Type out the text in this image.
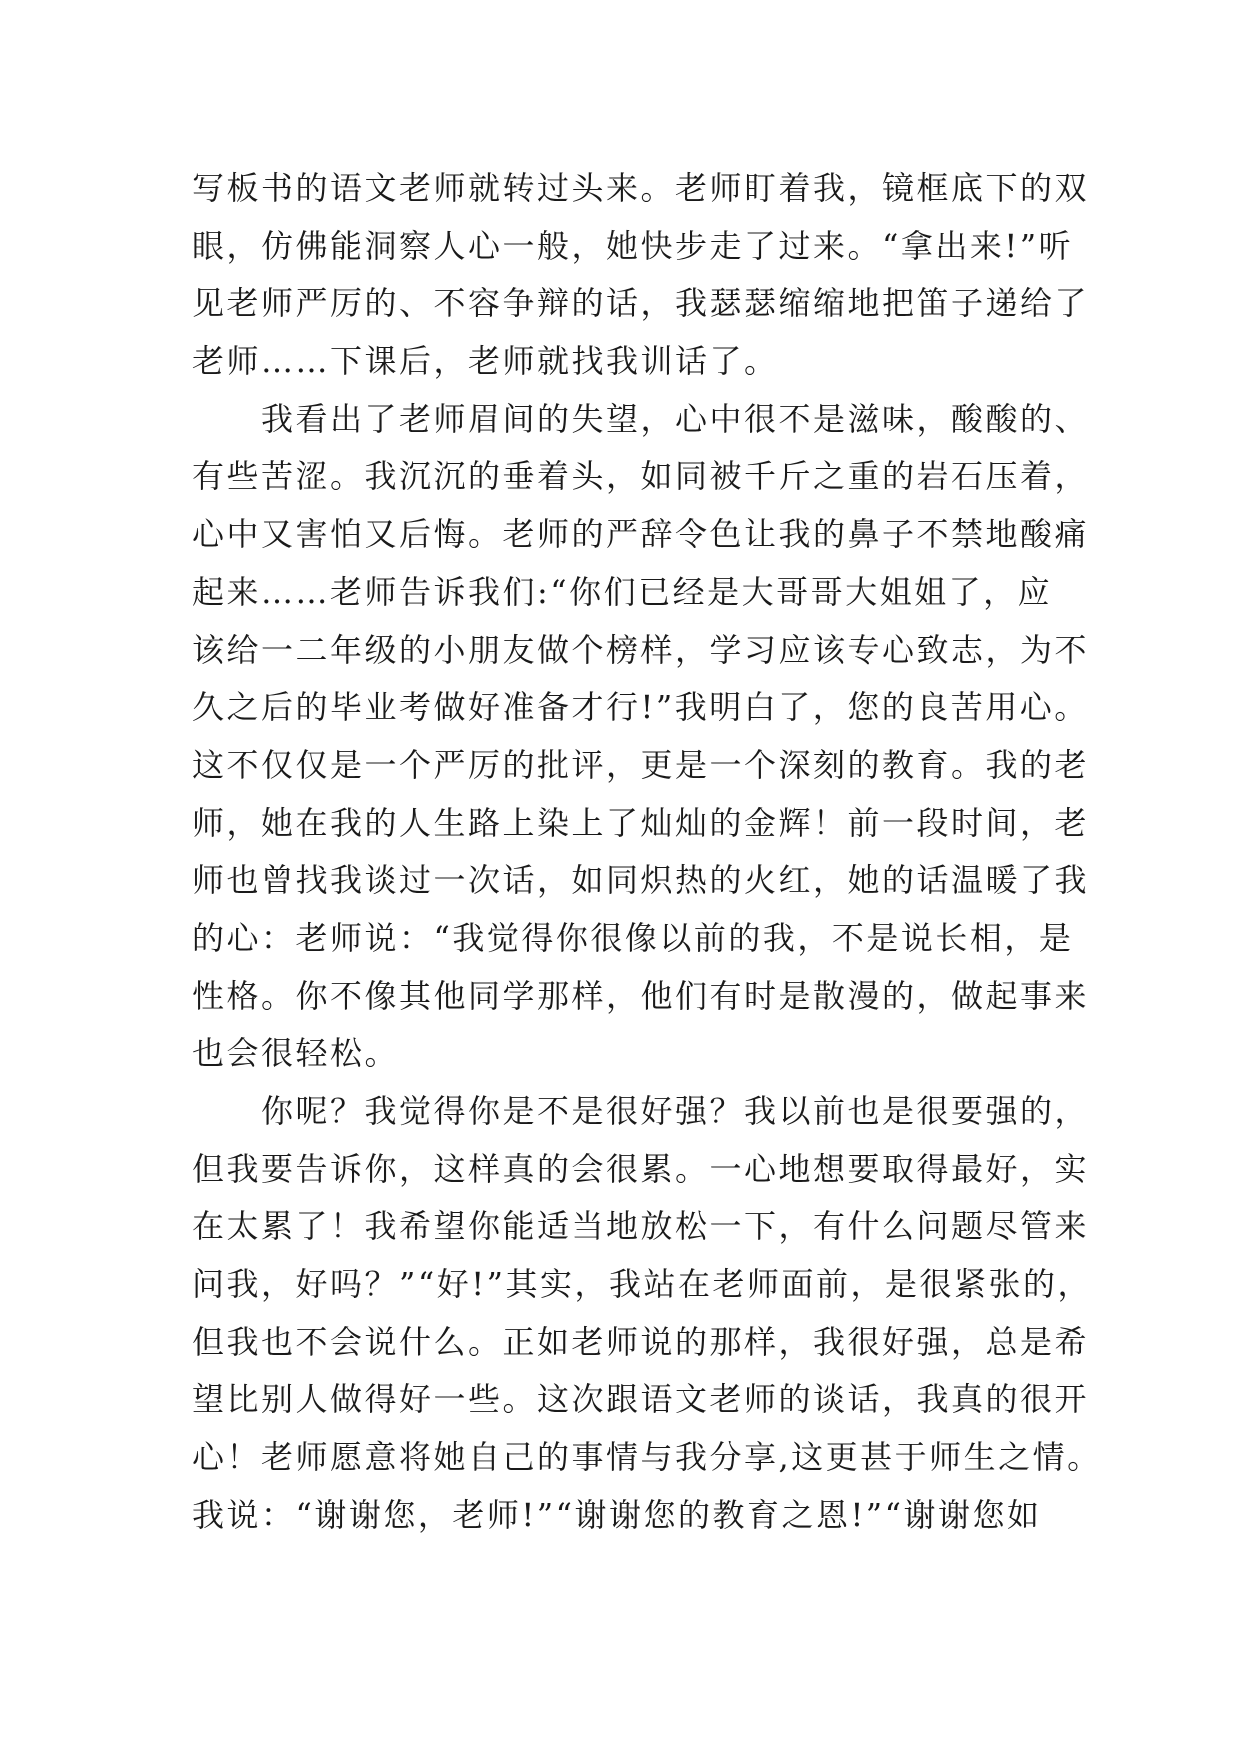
写板书的语文老师就转过头来。老师盯着我，镜框底下的双
眼，仿佛能洞察人心一般，她快步走了过来。“拿出来!”听
见老师严厉的、不容争辩的话，我瑟瑟缩缩地把笛子递给了
老师……下课后，老师就找我训话了。
　　我看出了老师眉间的失望，心中很不是滋味，酸酸的、
有些苦涩。我沉沉的垂着头，如同被千斤之重的岩石压着，
心中又害怕又后悔。老师的严辞令色让我的鼻子不禁地酸痛
起来……老师告诉我们:“你们已经是大哥哥大姐姐了，应
该给一二年级的小朋友做个榜样，学习应该专心致志，为不
久之后的毕业考做好准备才行!”我明白了，您的良苦用心。
这不仅仅是一个严厉的批评，更是一个深刻的教育。我的老
师，她在我的人生路上染上了灿灿的金辉！前一段时间，老
师也曾找我谈过一次话，如同炽热的火红，她的话温暖了我
的心：老师说：“我觉得你很像以前的我，不是说长相，是
性格。你不像其他同学那样，他们有时是散漫的，做起事来
也会很轻松。
　　你呢？我觉得你是不是很好强？我以前也是很要强的，
但我要告诉你，这样真的会很累。一心地想要取得最好，实
在太累了！我希望你能适当地放松一下，有什么问题尽管来
问我，好吗？”“好!”其实，我站在老师面前，是很紧张的，
但我也不会说什么。正如老师说的那样，我很好强，总是希
望比别人做得好一些。这次跟语文老师的谈话，我真的很开
心！老师愿意将她自己的事情与我分享,这更甚于师生之情。
我说：“谢谢您，老师!”“谢谢您的教育之恩!”“谢谢您如
